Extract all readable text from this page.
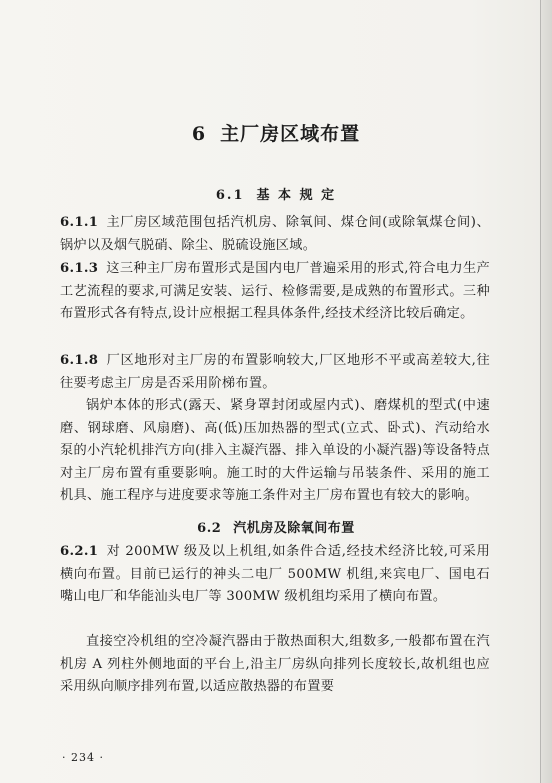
6 主厂房区域布置
6.1 基 本 规 定
6.1.1 主厂房区域范围包括汽机房、除氧间、煤仓间(或除氧煤仓间)、锅炉以及烟气脱硝、除尘、脱硫设施区域。
6.1.3 这三种主厂房布置形式是国内电厂普遍采用的形式,符合电力生产工艺流程的要求,可满足安装、运行、检修需要,是成熟的布置形式。三种布置形式各有特点,设计应根据工程具体条件,经技术经济比较后确定。
6.1.8 厂区地形对主厂房的布置影响较大,厂区地形不平或高差较大,往往要考虑主厂房是否采用阶梯布置。
锅炉本体的形式(露天、紧身罩封闭或屋内式)、磨煤机的型式(中速磨、钢球磨、风扇磨)、高(低)压加热器的型式(立式、卧式)、汽动给水泵的小汽轮机排汽方向(排入主凝汽器、排入单设的小凝汽器)等设备特点对主厂房布置有重要影响。施工时的大件运输与吊装条件、采用的施工机具、施工程序与进度要求等施工条件对主厂房布置也有较大的影响。
6.2 汽机房及除氧间布置
6.2.1 对 200MW 级及以上机组,如条件合适,经技术经济比较,可采用横向布置。目前已运行的神头二电厂 500MW 机组,来宾电厂、国电石嘴山电厂和华能汕头电厂等 300MW 级机组均采用了横向布置。
直接空冷机组的空冷凝汽器由于散热面积大,组数多,一般都布置在汽机房 A 列柱外侧地面的平台上,沿主厂房纵向排列长度较长,故机组也应采用纵向顺序排列布置,以适应散热器的布置要
· 234 ·
